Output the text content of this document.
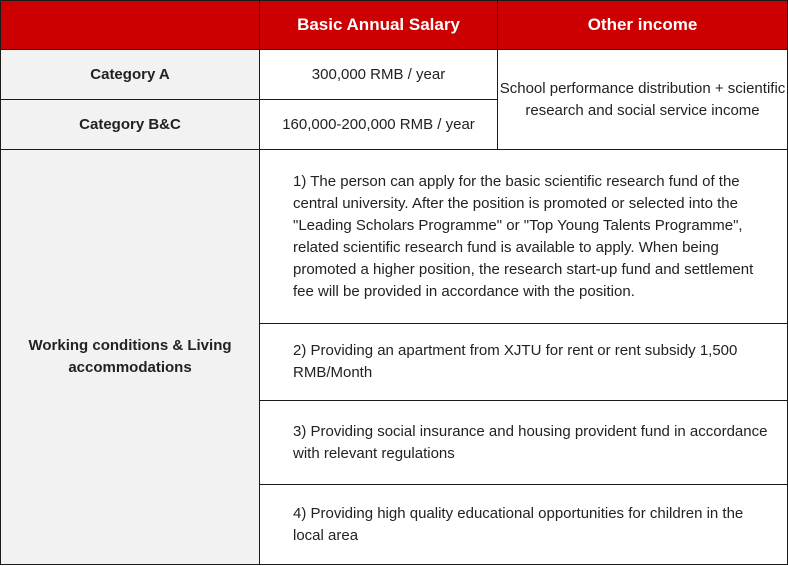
	Basic Annual Salary	Other income
Category A	300,000 RMB / year	School performance distribution + scientific research and social service income
Category B&C	160,000-200,000 RMB / year	
Working conditions & Living accommodations	1) The person can apply for the basic scientific research fund of the central university. After the position is promoted or selected into the "Leading Scholars Programme" or "Top Young Talents Programme", related scientific research fund is available to apply. When being promoted a higher position, the research start-up fund and settlement fee will be provided in accordance with the position.	
	2) Providing an apartment from XJTU for rent or rent subsidy 1,500 RMB/Month	
	3) Providing social insurance and housing provident fund in accordance with relevant regulations	
	4) Providing high quality educational opportunities for children in the local area	
